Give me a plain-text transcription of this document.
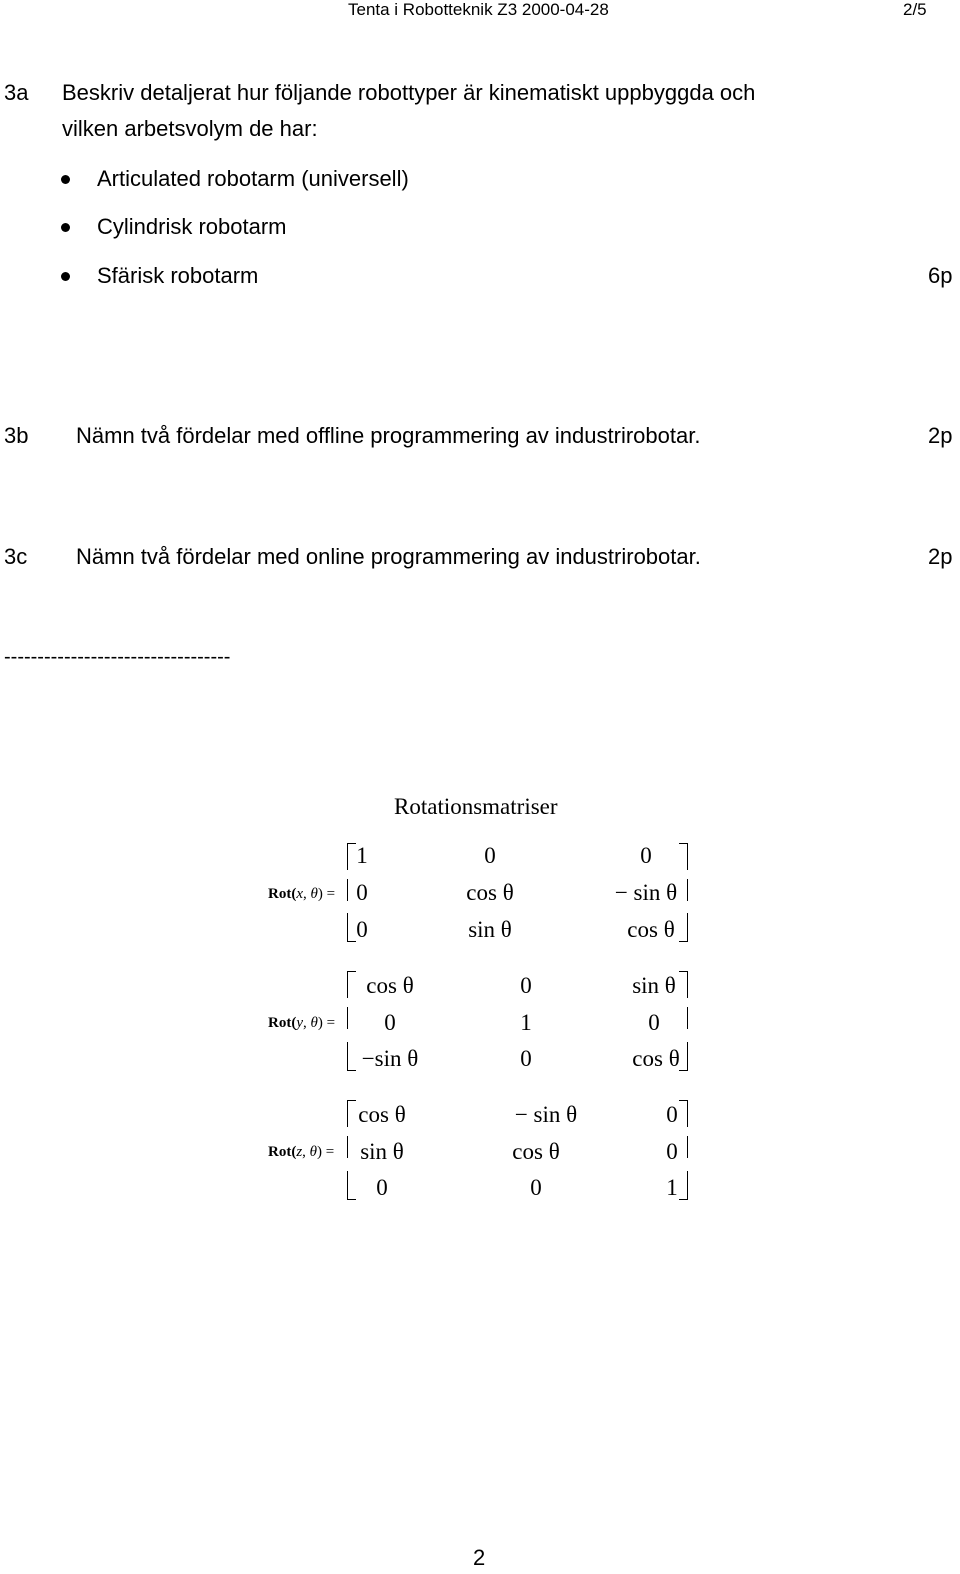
Tenta i Robotteknik Z3 2000-04-28	2/5
3a Beskriv detaljerat hur följande robottyper är kinematiskt uppbyggda och
vilken arbetsvolym de har:
Articulated robotarm (universell)
Cylindrisk robotarm
Sfärisk robotarm	6p
3b Nämn två fördelar med offline programmering av industrirobotar.	2p
3c Nämn två fördelar med online programmering av industrirobotar.	2p
----------------------------------
Rotationsmatriser
Rot(x, θ) =
1	0	0
0	cos θ	− sin θ
0	sin θ	cos θ
Rot(y, θ) =
cos θ	0	sin θ
0	1	0
−sin θ	0	cos θ
Rot(z, θ) =
cos θ	− sin θ	0
sin θ	cos θ	0
0	0	1
2
